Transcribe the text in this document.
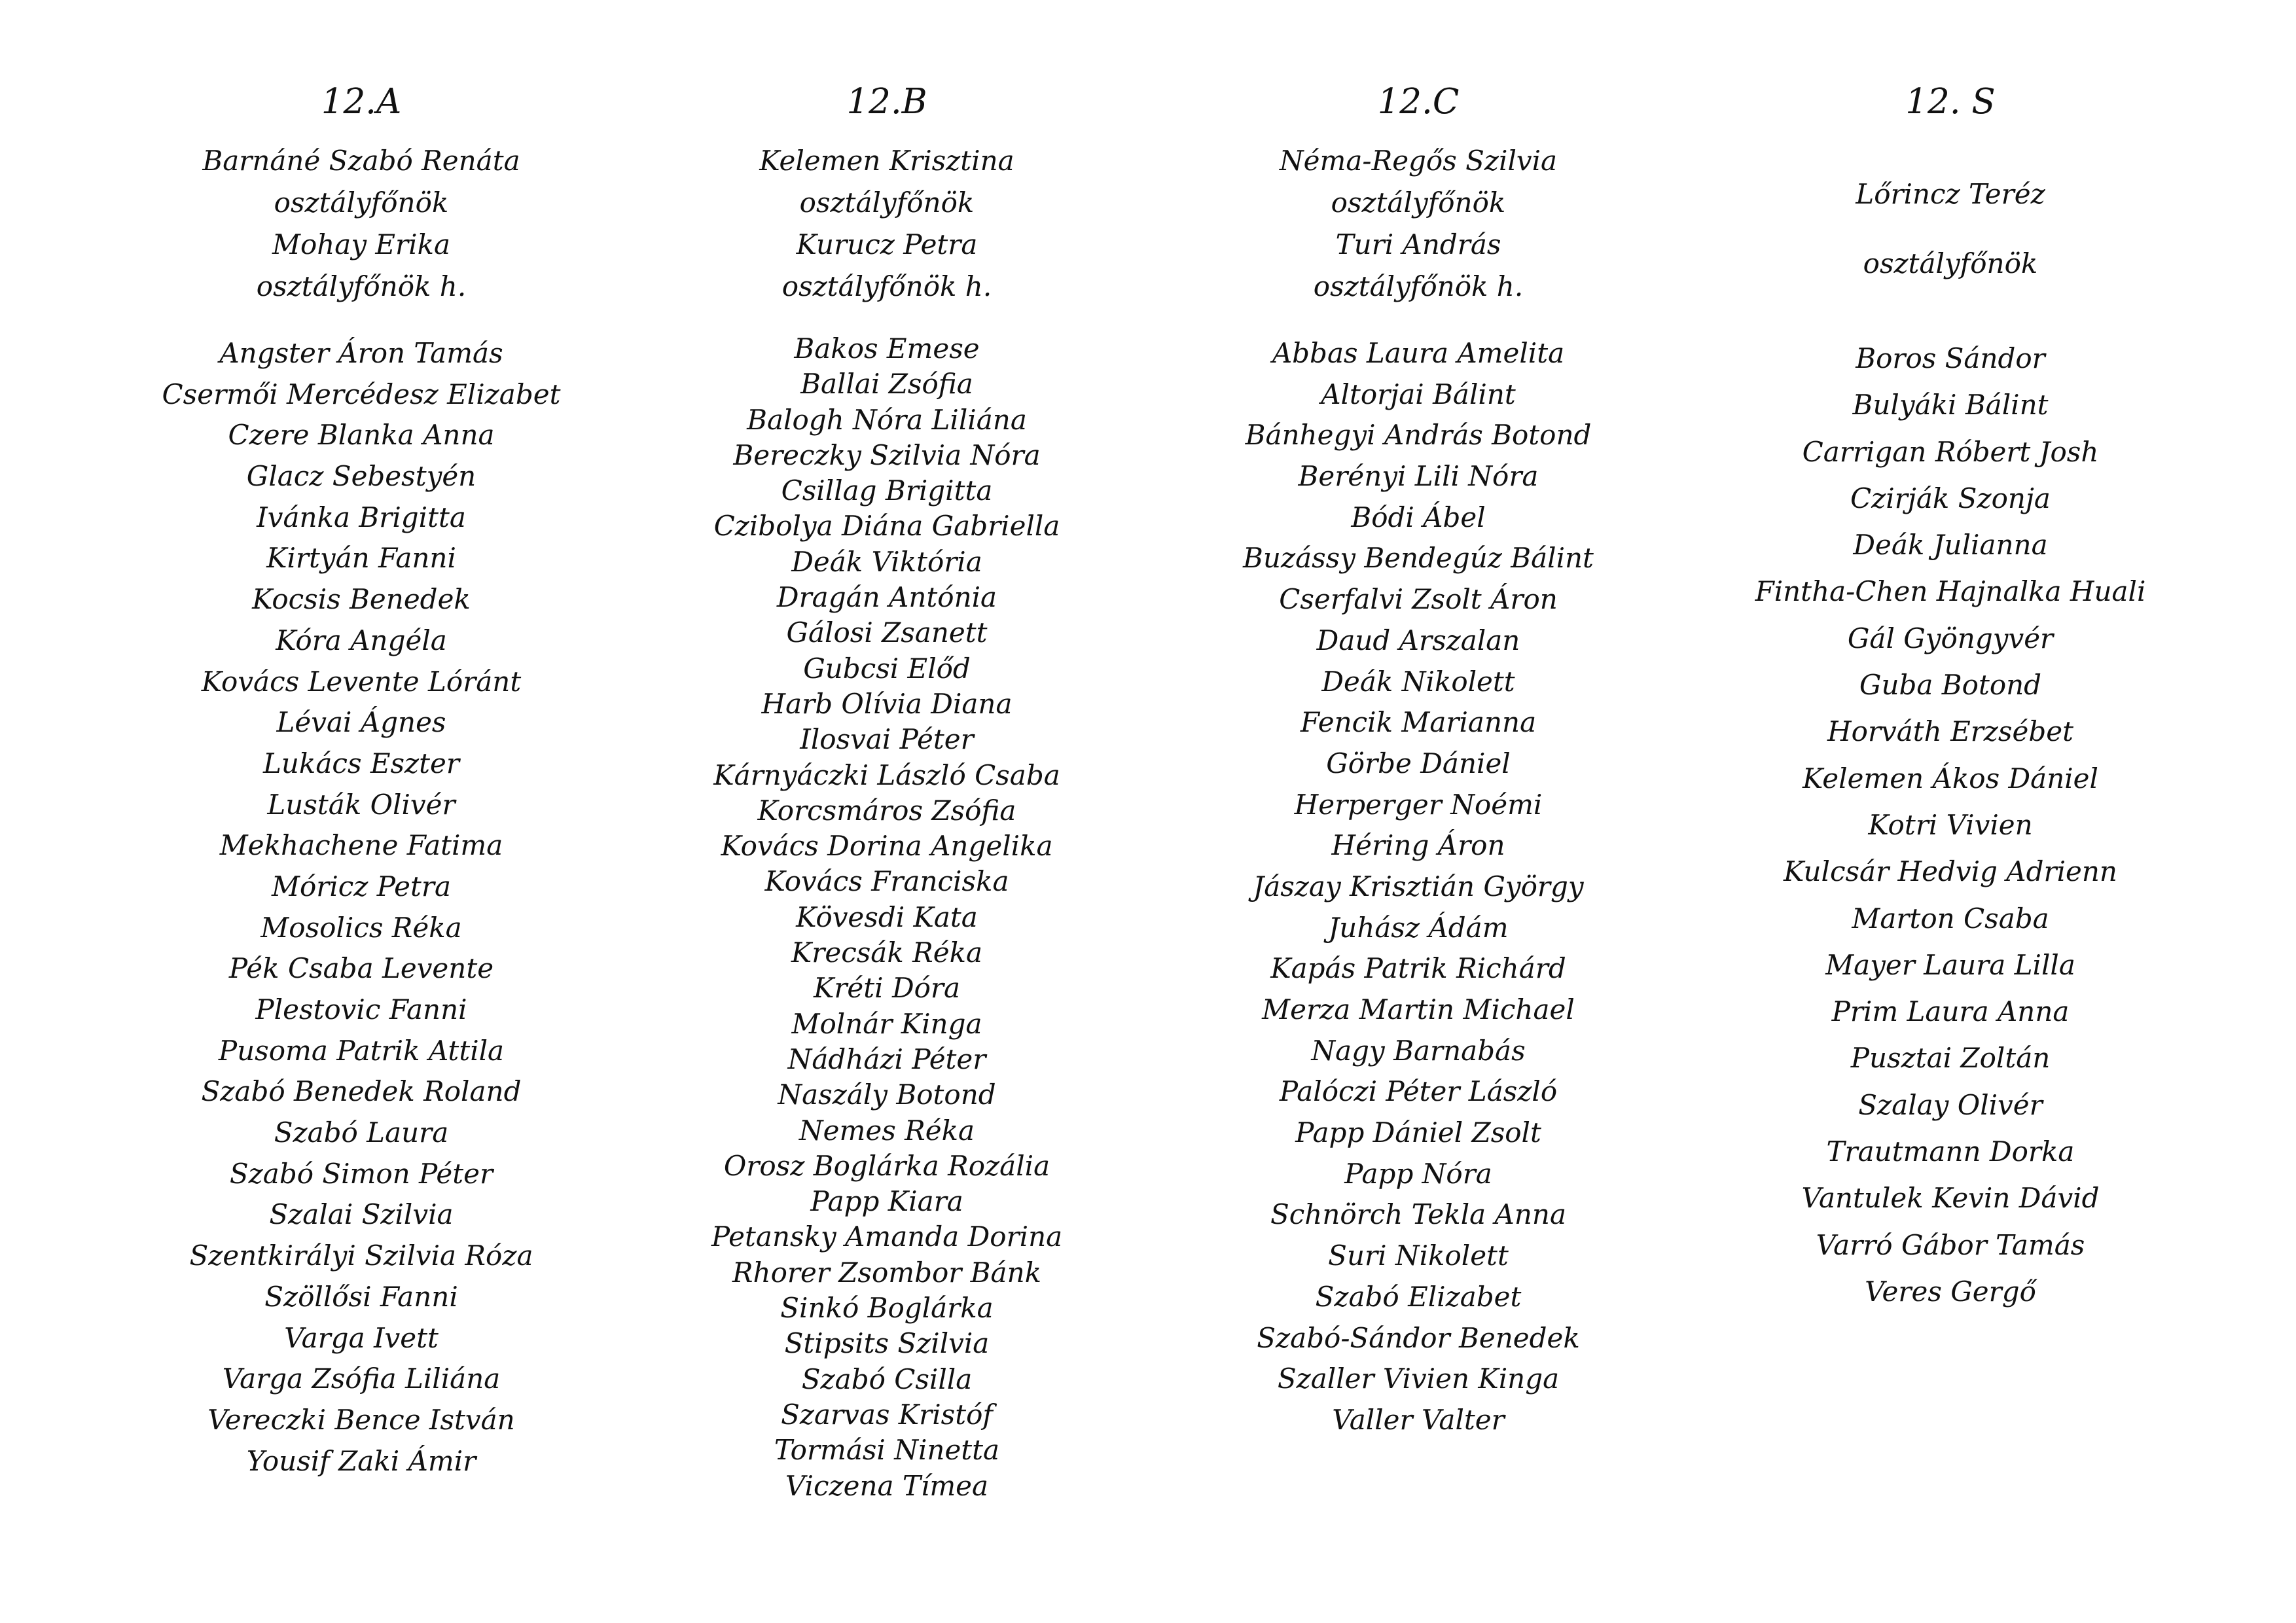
12.A
Barnáné Szabó Renáta
osztályfőnök
Mohay Erika
osztályfőnök h.
Angster Áron Tamás
Csermői Mercédesz Elizabet
Czere Blanka Anna
Glacz Sebestyén
Ivánka Brigitta
Kirtyán Fanni
Kocsis Benedek
Kóra Angéla
Kovács Levente Lóránt
Lévai Ágnes
Lukács Eszter
Lusták Olivér
Mekhachene Fatima
Móricz Petra
Mosolics Réka
Pék Csaba Levente
Plestovic Fanni
Pusoma Patrik Attila
Szabó Benedek Roland
Szabó Laura
Szabó Simon Péter
Szalai Szilvia
Szentkirályi Szilvia Róza
Szöllősi Fanni
Varga Ivett
Varga Zsófia Liliána
Vereczki Bence István
Yousif Zaki Ámir
12.B
Kelemen Krisztina
osztályfőnök
Kurucz Petra
osztályfőnök h.
Bakos Emese
Ballai Zsófia
Balogh Nóra Liliána
Bereczky Szilvia Nóra
Csillag Brigitta
Czibolya Diána Gabriella
Deák Viktória
Dragán Antónia
Gálosi Zsanett
Gubcsi Előd
Harb Olívia Diana
Ilosvai Péter
Kárnyáczki László Csaba
Korcsmáros Zsófia
Kovács Dorina Angelika
Kovács Franciska
Kövesdi Kata
Krecsák Réka
Kréti Dóra
Molnár Kinga
Nádházi Péter
Naszály Botond
Nemes Réka
Orosz Boglárka Rozália
Papp Kiara
Petansky Amanda Dorina
Rhorer Zsombor Bánk
Sinkó Boglárka
Stipsits Szilvia
Szabó Csilla
Szarvas Kristóf
Tormási Ninetta
Viczena Tímea
12.C
Néma-Regős Szilvia
osztályfőnök
Turi András
osztályfőnök h.
Abbas Laura Amelita
Altorjai Bálint
Bánhegyi András Botond
Berényi Lili Nóra
Bódi Ábel
Buzássy Bendegúz Bálint
Cserfalvi Zsolt Áron
Daud Arszalan
Deák Nikolett
Fencik Marianna
Görbe Dániel
Herperger Noémi
Héring Áron
Jászay Krisztián György
Juhász Ádám
Kapás Patrik Richárd
Merza Martin Michael
Nagy Barnabás
Palóczi Péter László
Papp Dániel Zsolt
Papp Nóra
Schnörch Tekla Anna
Suri Nikolett
Szabó Elizabet
Szabó-Sándor Benedek
Szaller Vivien Kinga
Valler Valter
12. S
Lőrincz Teréz
osztályfőnök
Boros Sándor
Bulyáki Bálint
Carrigan Róbert Josh
Czirják Szonja
Deák Julianna
Fintha-Chen Hajnalka Huali
Gál Gyöngyvér
Guba Botond
Horváth Erzsébet
Kelemen Ákos Dániel
Kotri Vivien
Kulcsár Hedvig Adrienn
Marton Csaba
Mayer Laura Lilla
Prim Laura Anna
Pusztai Zoltán
Szalay Olivér
Trautmann Dorka
Vantulek Kevin Dávid
Varró Gábor Tamás
Veres Gergő
